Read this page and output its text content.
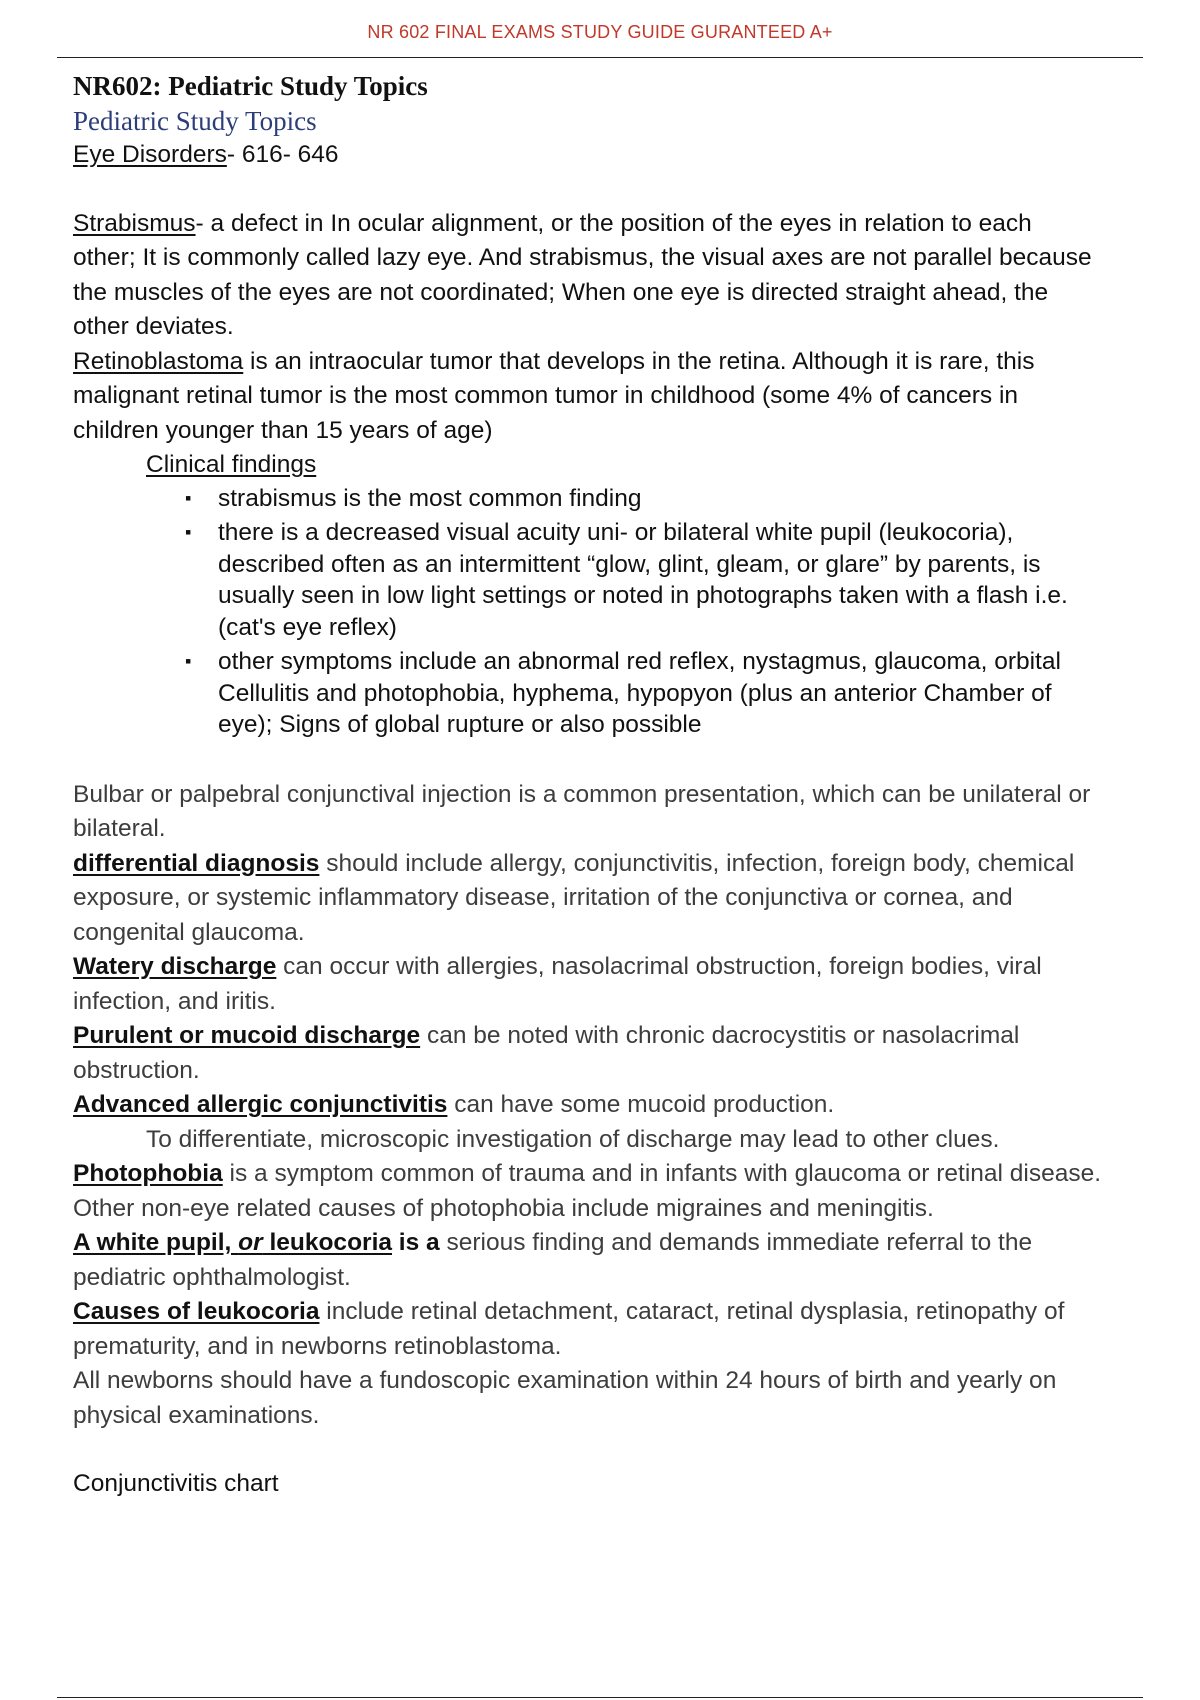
NR 602 FINAL EXAMS STUDY GUIDE GURANTEED A+
NR602: Pediatric Study Topics
Pediatric Study Topics
Eye Disorders- 616- 646
Strabismus- a defect in In ocular alignment, or the position of the eyes in relation to each
other; It is commonly called lazy eye. And strabismus, the visual axes are not parallel because
the muscles of the eyes are not coordinated; When one eye is directed straight ahead, the
other deviates.
Retinoblastoma is an intraocular tumor that develops in the retina. Although it is rare, this
malignant retinal tumor is the most common tumor in childhood (some 4% of cancers in
children younger than 15 years of age)
Clinical findings
▪ strabismus is the most common finding
▪ there is a decreased visual acuity uni- or bilateral white pupil (leukocoria), described often as an intermittent “glow, glint, gleam, or glare” by parents, is usually seen in low light settings or noted in photographs taken with a flash i.e. (cat's eye reflex)
▪ other symptoms include an abnormal red reflex, nystagmus, glaucoma, orbital Cellulitis and photophobia, hyphema, hypopyon (plus an anterior Chamber of eye); Signs of global rupture or also possible
Bulbar or palpebral conjunctival injection is a common presentation, which can be unilateral or
bilateral.
differential diagnosis should include allergy, conjunctivitis, infection, foreign body, chemical
exposure, or systemic inflammatory disease, irritation of the conjunctiva or cornea, and
congenital glaucoma.
Watery discharge can occur with allergies, nasolacrimal obstruction, foreign bodies, viral
infection, and iritis.
Purulent or mucoid discharge can be noted with chronic dacrocystitis or nasolacrimal
obstruction.
Advanced allergic conjunctivitis can have some mucoid production.
To differentiate, microscopic investigation of discharge may lead to other clues.
Photophobia is a symptom common of trauma and in infants with glaucoma or retinal disease.
Other non-eye related causes of photophobia include migraines and meningitis.
A white pupil, or leukocoria is a serious finding and demands immediate referral to the
pediatric ophthalmologist.
Causes of leukocoria include retinal detachment, cataract, retinal dysplasia, retinopathy of
prematurity, and in newborns retinoblastoma.
All newborns should have a fundoscopic examination within 24 hours of birth and yearly on
physical examinations.
Conjunctivitis chart
